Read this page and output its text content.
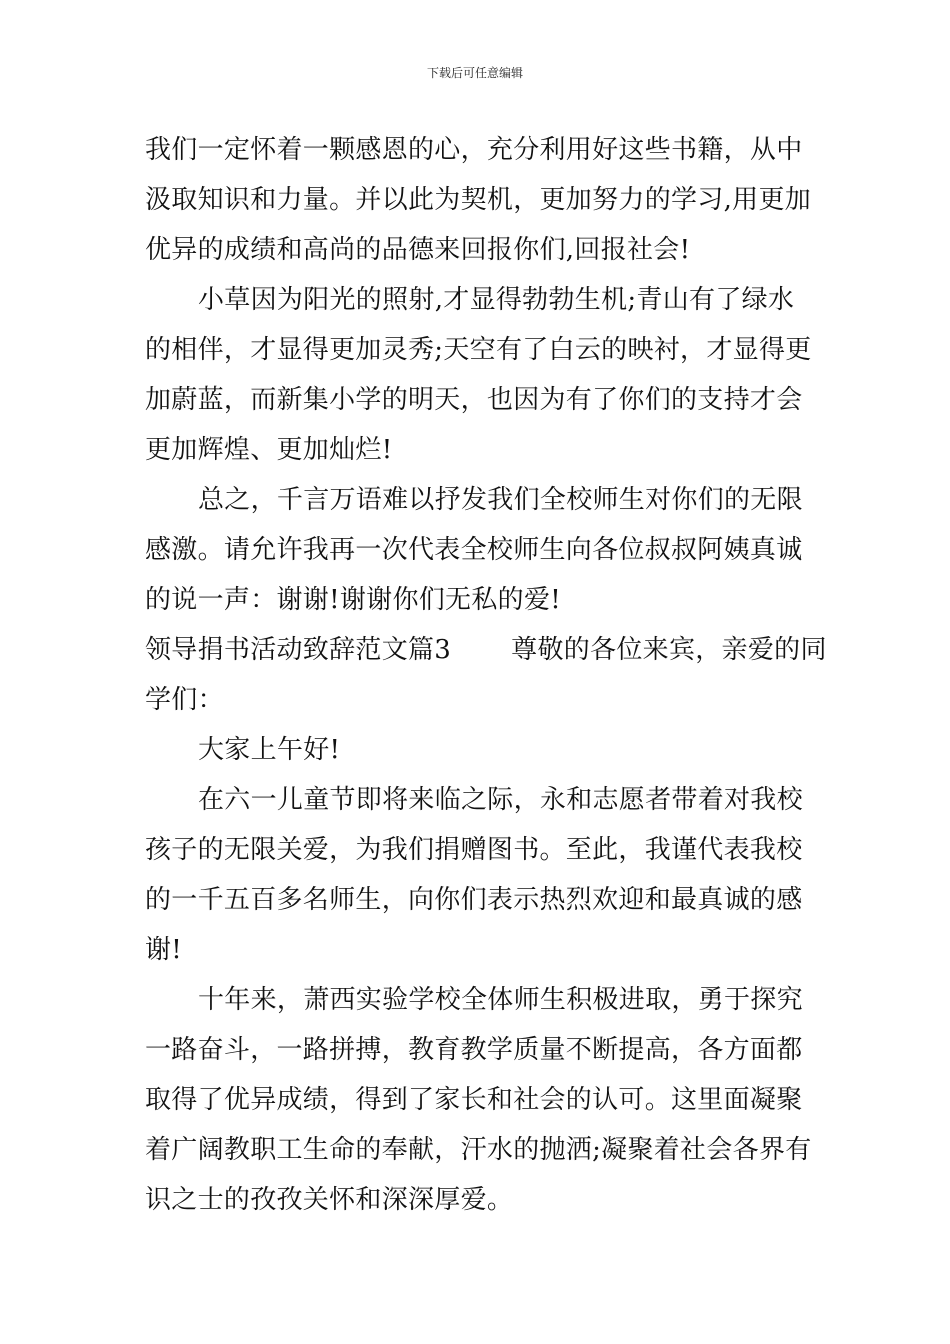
下载后可任意编辑
我们一定怀着一颗感恩的心，充分利用好这些书籍，从中
汲取知识和力量。并以此为契机，更加努力的学习,用更加
优异的成绩和高尚的品德来回报你们,回报社会!
小草因为阳光的照射,才显得勃勃生机;青山有了绿水
的相伴，才显得更加灵秀;天空有了白云的映衬，才显得更
加蔚蓝，而新集小学的明天，也因为有了你们的支持才会
更加辉煌、更加灿烂!
总之，千言万语难以抒发我们全校师生对你们的无限
感激。请允许我再一次代表全校师生向各位叔叔阿姨真诚
的说一声：谢谢!谢谢你们无私的爱!
领导捐书活动致辞范文篇3 尊敬的各位来宾，亲爱的同
学们：
大家上午好!
在六一儿童节即将来临之际，永和志愿者带着对我校
孩子的无限关爱，为我们捐赠图书。至此，我谨代表我校
的一千五百多名师生，向你们表示热烈欢迎和最真诚的感
谢!
十年来，萧西实验学校全体师生积极进取，勇于探究
一路奋斗，一路拼搏，教育教学质量不断提高，各方面都
取得了优异成绩，得到了家长和社会的认可。这里面凝聚
着广阔教职工生命的奉献，汗水的抛洒;凝聚着社会各界有
识之士的孜孜关怀和深深厚爱。
